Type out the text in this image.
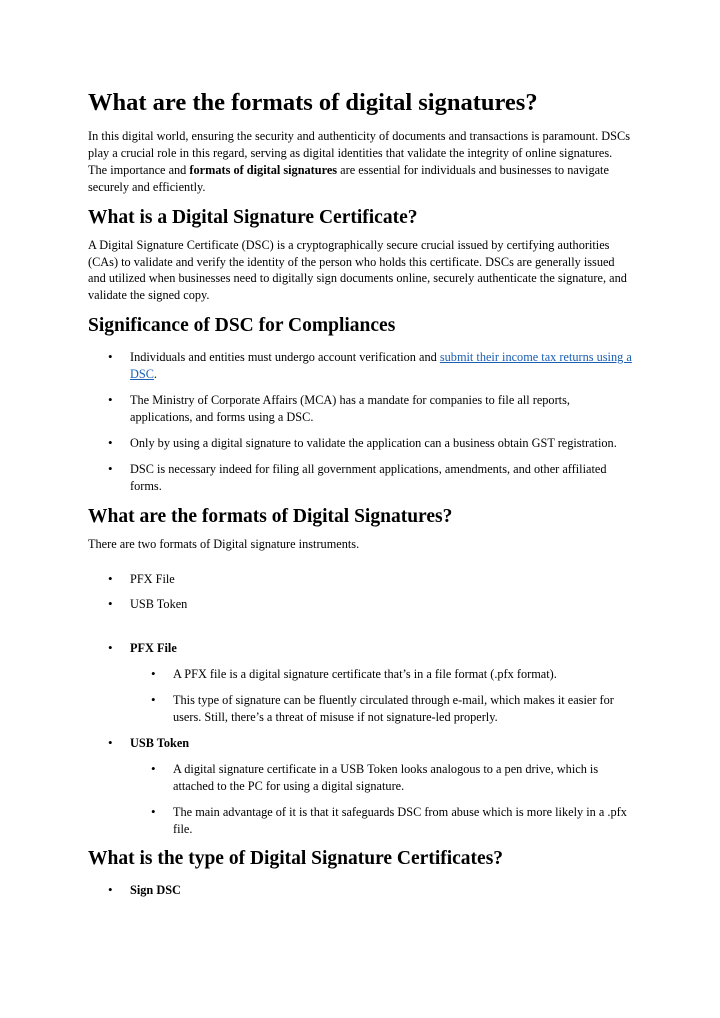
What are the formats of digital signatures?

In this digital world, ensuring the security and authenticity of documents and transactions is paramount. DSCs play a crucial role in this regard, serving as digital identities that validate the integrity of online signatures. The importance and formats of digital signatures are essential for individuals and businesses to navigate securely and efficiently.

What is a Digital Signature Certificate?

A Digital Signature Certificate (DSC) is a cryptographically secure crucial issued by certifying authorities (CAs) to validate and verify the identity of the person who holds this certificate. DSCs are generally issued and utilized when businesses need to digitally sign documents online, securely authenticate the signature, and validate the signed copy.

Significance of DSC for Compliances
• Individuals and entities must undergo account verification and submit their income tax returns using a DSC.
• The Ministry of Corporate Affairs (MCA) has a mandate for companies to file all reports, applications, and forms using a DSC.
• Only by using a digital signature to validate the application can a business obtain GST registration.
• DSC is necessary indeed for filing all government applications, amendments, and other affiliated forms.
What are the formats of Digital Signatures?

There are two formats of Digital signature instruments.

• PFX File
• USB Token
• PFX File
• A PFX file is a digital signature certificate that’s in a file format (.pfx format).
• This type of signature can be fluently circulated through e-mail, which makes it easier for users. Still, there’s a threat of misuse if not signature-led properly.
• USB Token
• A digital signature certificate in a USB Token looks analogous to a pen drive, which is attached to the PC for using a digital signature.
• The main advantage of it is that it safeguards DSC from abuse which is more likely in a .pfx file.
What is the type of Digital Signature Certificates?
• Sign DSC
